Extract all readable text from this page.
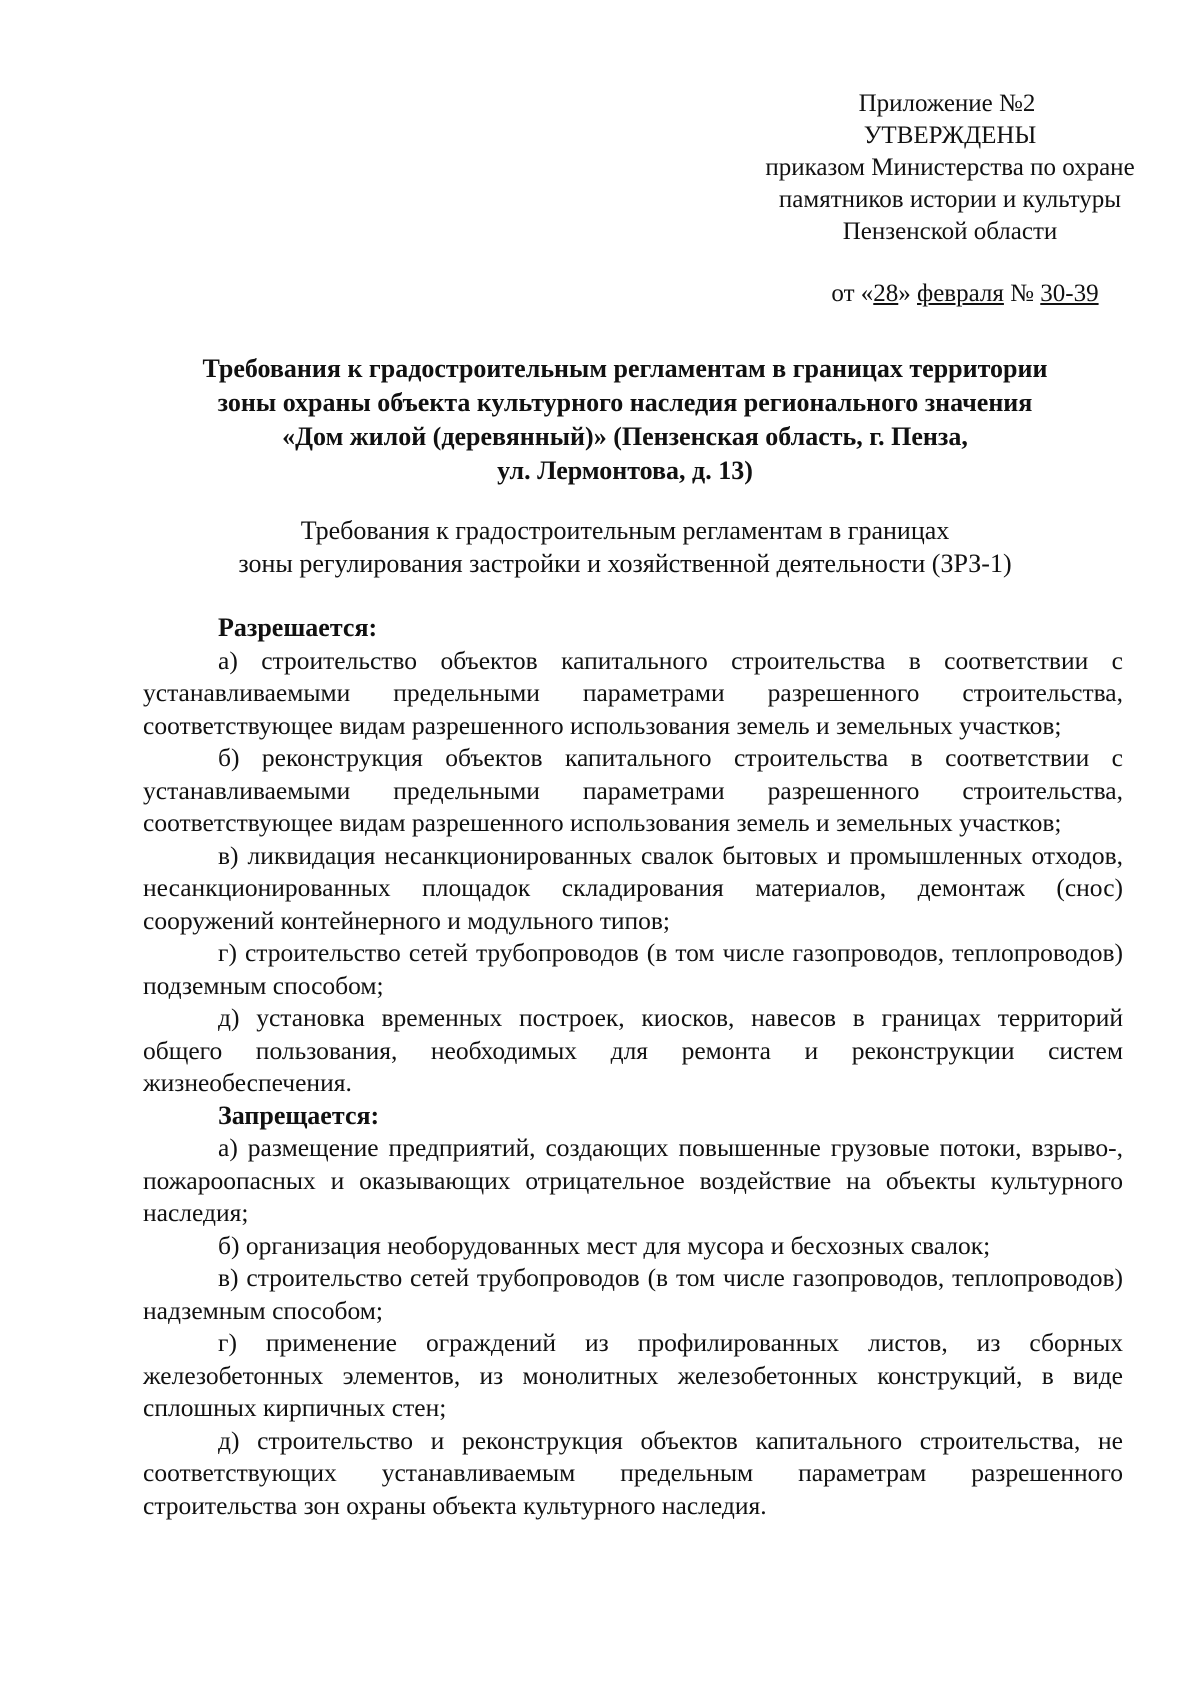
Приложение №2
УТВЕРЖДЕНЫ
приказом Министерства по охране
памятников истории и культуры
Пензенской области
от «28» февраля № 30-39
Требования к градостроительным регламентам в границах территории
зоны охраны объекта культурного наследия регионального значения
«Дом жилой (деревянный)» (Пензенская область, г. Пенза,
ул. Лермонтова, д. 13)
Требования к градостроительным регламентам в границах
зоны регулирования застройки и хозяйственной деятельности (ЗРЗ-1)
Разрешается:

а) строительство объектов капитального строительства в соответствии с устанавливаемыми предельными параметрами разрешенного строительства, соответствующее видам разрешенного использования земель и земельных участков;

б) реконструкция объектов капитального строительства в соответствии с устанавливаемыми предельными параметрами разрешенного строительства, соответствующее видам разрешенного использования земель и земельных участков;

в) ликвидация несанкционированных свалок бытовых и промышленных отходов, несанкционированных площадок складирования материалов, демонтаж (снос) сооружений контейнерного и модульного типов;

г) строительство сетей трубопроводов (в том числе газопроводов, теплопроводов) подземным способом;

д) установка временных построек, киосков, навесов в границах территорий общего пользования, необходимых для ремонта и реконструкции систем жизнеобеспечения.

Запрещается:

а) размещение предприятий, создающих повышенные грузовые потоки, взрыво-, пожароопасных и оказывающих отрицательное воздействие на объекты культурного наследия;

б) организация необорудованных мест для мусора и бесхозных свалок;

в) строительство сетей трубопроводов (в том числе газопроводов, теплопроводов) надземным способом;

г) применение ограждений из профилированных листов, из сборных железобетонных элементов, из монолитных железобетонных конструкций, в виде сплошных кирпичных стен;

д) строительство и реконструкция объектов капитального строительства, не соответствующих устанавливаемым предельным параметрам разрешенного строительства зон охраны объекта культурного наследия.
